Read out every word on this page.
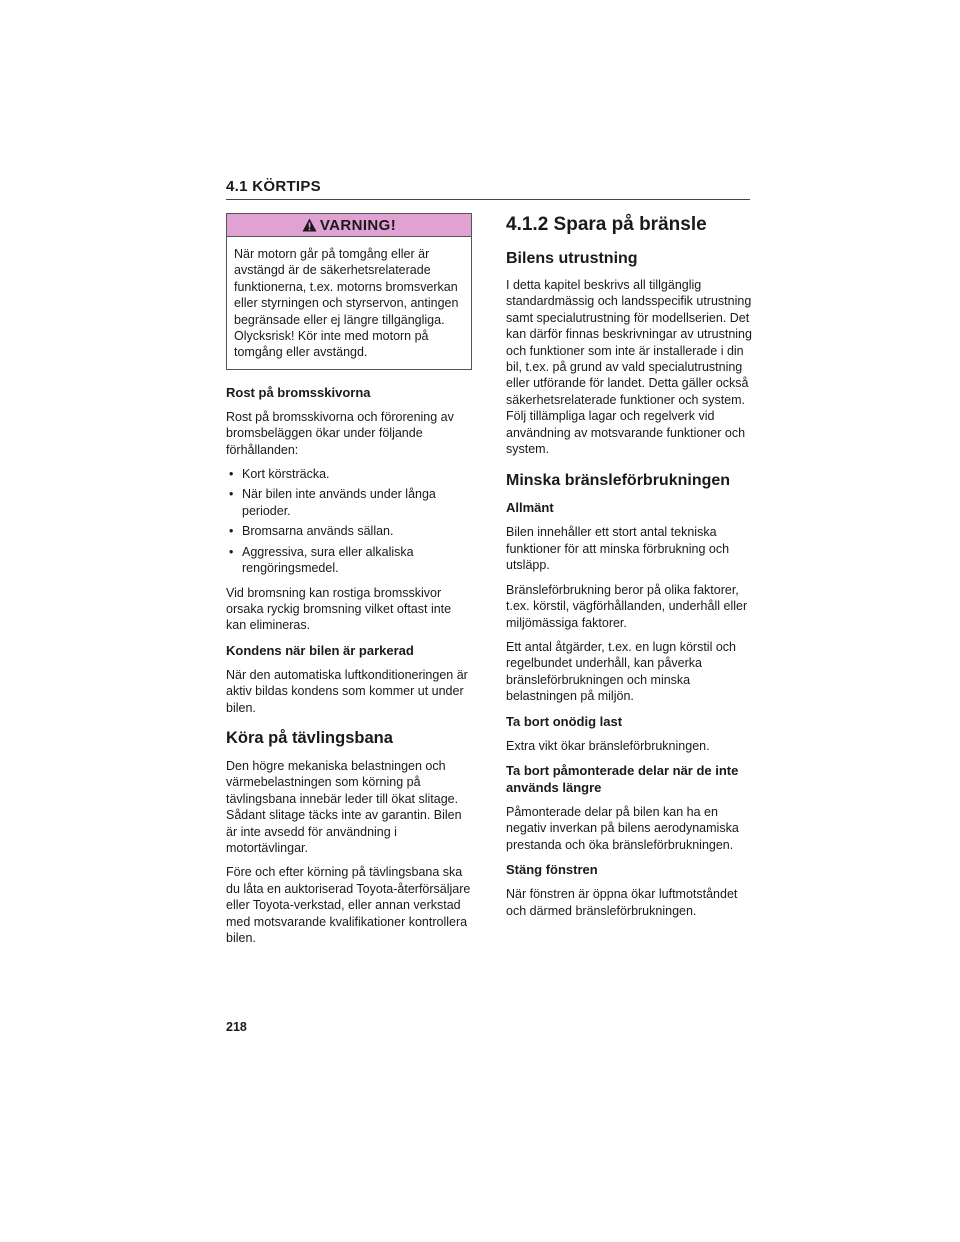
4.1 KÖRTIPS
VARNING!
När motorn går på tomgång eller är avstängd är de säkerhetsrelaterade funktionerna, t.ex. motorns bromsverkan eller styrningen och styrservon, antingen begränsade eller ej längre tillgängliga. Olycksrisk! Kör inte med motorn på tomgång eller avstängd.
Rost på bromsskivorna

Rost på bromsskivorna och förorening av bromsbeläggen ökar under följande förhållanden:

• Kort körsträcka.
• När bilen inte används under långa perioder.
• Bromsarna används sällan.
• Aggressiva, sura eller alkaliska rengöringsmedel.

Vid bromsning kan rostiga bromsskivor orsaka ryckig bromsning vilket oftast inte kan elimineras.

Kondens när bilen är parkerad

När den automatiska luftkonditioneringen är aktiv bildas kondens som kommer ut under bilen.

Köra på tävlingsbana

Den högre mekaniska belastningen och värmebelastningen som körning på tävlingsbana innebär leder till ökat slitage. Sådant slitage täcks inte av garantin. Bilen är inte avsedd för användning i motortävlingar.

Före och efter körning på tävlingsbana ska du låta en auktoriserad Toyota-återförsäljare eller Toyota-verkstad, eller annan verkstad med motsvarande kvalifikationer kontrollera bilen.

4.1.2 Spara på bränsle
Bilens utrustning

I detta kapitel beskrivs all tillgänglig standardmässig och landsspecifik utrustning samt specialutrustning för modellserien. Det kan därför finnas beskrivningar av utrustning och funktioner som inte är installerade i din bil, t.ex. på grund av vald specialutrustning eller utförande för landet. Detta gäller också säkerhetsrelaterade funktioner och system. Följ tillämpliga lagar och regelverk vid användning av motsvarande funktioner och system.

Minska bränsleförbrukningen
Allmänt

Bilen innehåller ett stort antal tekniska funktioner för att minska förbrukning och utsläpp.

Bränsleförbrukning beror på olika faktorer, t.ex. körstil, vägförhållanden, underhåll eller miljömässiga faktorer.

Ett antal åtgärder, t.ex. en lugn körstil och regelbundet underhåll, kan påverka bränsleförbrukningen och minska belastningen på miljön.

Ta bort onödig last

Extra vikt ökar bränsleförbrukningen.

Ta bort påmonterade delar när de inte används längre

Påmonterade delar på bilen kan ha en negativ inverkan på bilens aerodynamiska prestanda och öka bränsleförbrukningen.

Stäng fönstren

När fönstren är öppna ökar luftmotståndet och därmed bränsleförbrukningen.

218
